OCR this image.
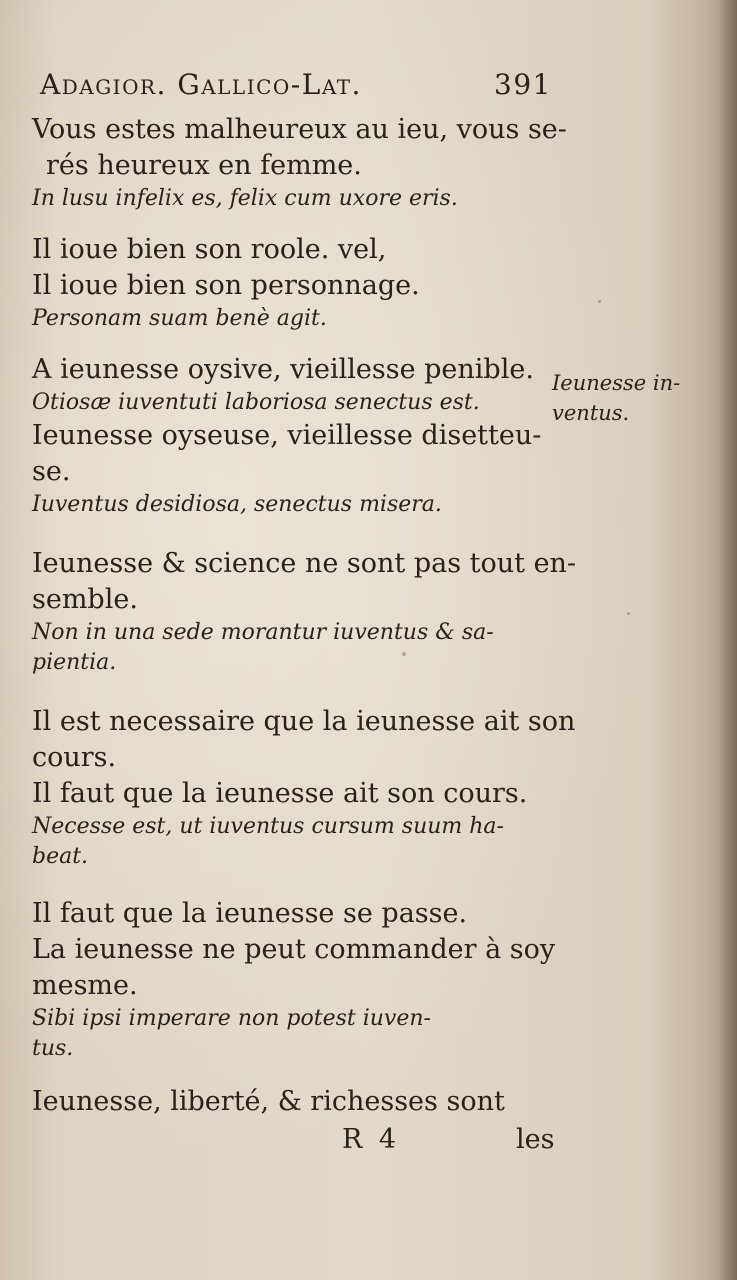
Adagior. Gallico-Lat.	391
Vous estes malheureux au ieu, vous se-
rés heureux en femme.
In lusu infelix es, felix cum uxore eris.
Il ioue bien son roole. vel,
Il ioue bien son personnage.
Personam suam benè agit.
A ieunesse oysive, vieillesse penible.
Otiosæ iuventuti laboriosa senectus est.
Ieunesse oyseuse, vieillesse disetteu-
se.
Iuventus desidiosa, senectus misera.
Ieunesse & science ne sont pas tout en-
semble.
Non in una sede morantur iuventus & sa-
pientia.
Il est necessaire que la ieunesse ait son
cours.
Il faut que la ieunesse ait son cours.
Necesse est, ut iuventus cursum suum ha-
beat.
Il faut que la ieunesse se passe.
La ieunesse ne peut commander à soy
mesme.
Sibi ipsi imperare non potest iuven-
tus.
Ieunesse, liberté, & richesses sont
Ieunesse in-
ventus.
R 4	les
